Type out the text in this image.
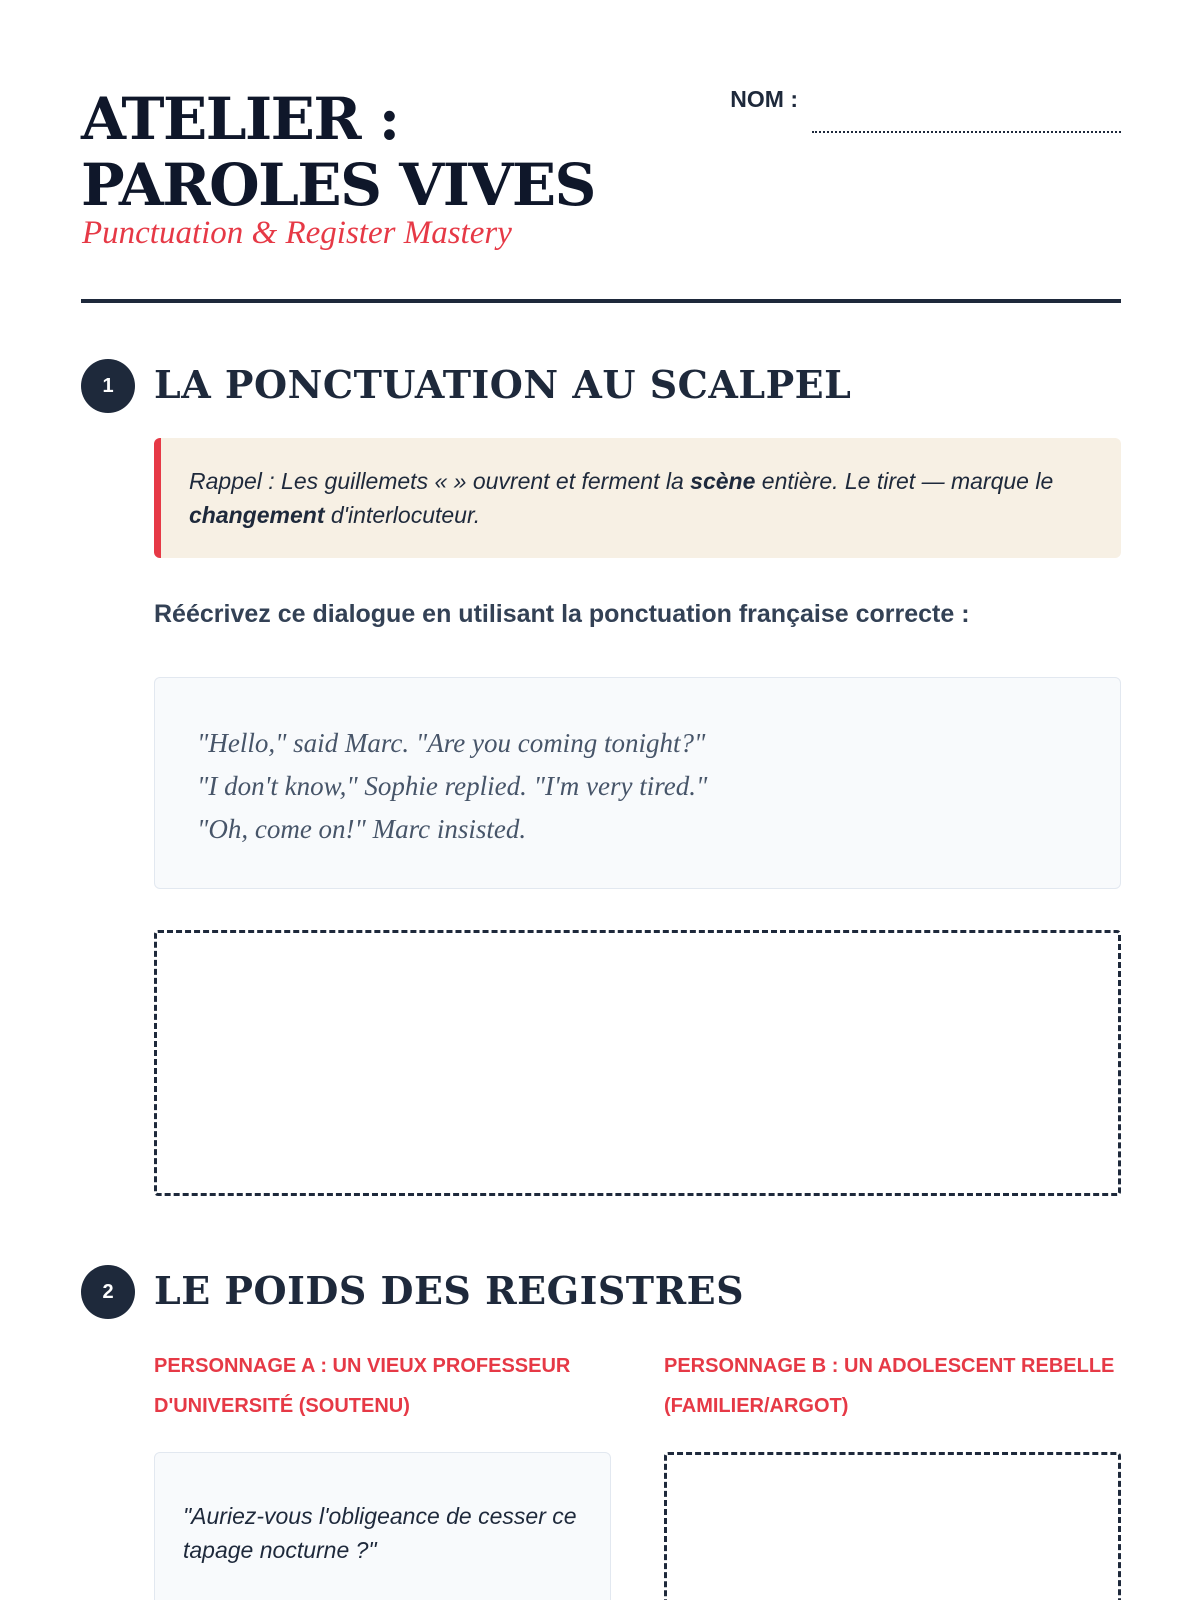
ATELIER : PAROLES VIVES
Punctuation & Register Mastery
NOM :
1	LA PONCTUATION AU SCALPEL
Rappel : Les guillemets « » ouvrent et ferment la scène entière. Le tiret — marque le changement d'interlocuteur.
Réécrivez ce dialogue en utilisant la ponctuation française correcte :
"Hello," said Marc. "Are you coming tonight?"
"I don't know," Sophie replied. "I'm very tired."
"Oh, come on!" Marc insisted.
2	LE POIDS DES REGISTRES
PERSONNAGE A : UN VIEUX PROFESSEUR D'UNIVERSITÉ (SOUTENU)
PERSONNAGE B : UN ADOLESCENT REBELLE (FAMILIER/ARGOT)
"Auriez-vous l'obligeance de cesser ce tapage nocturne ?"
